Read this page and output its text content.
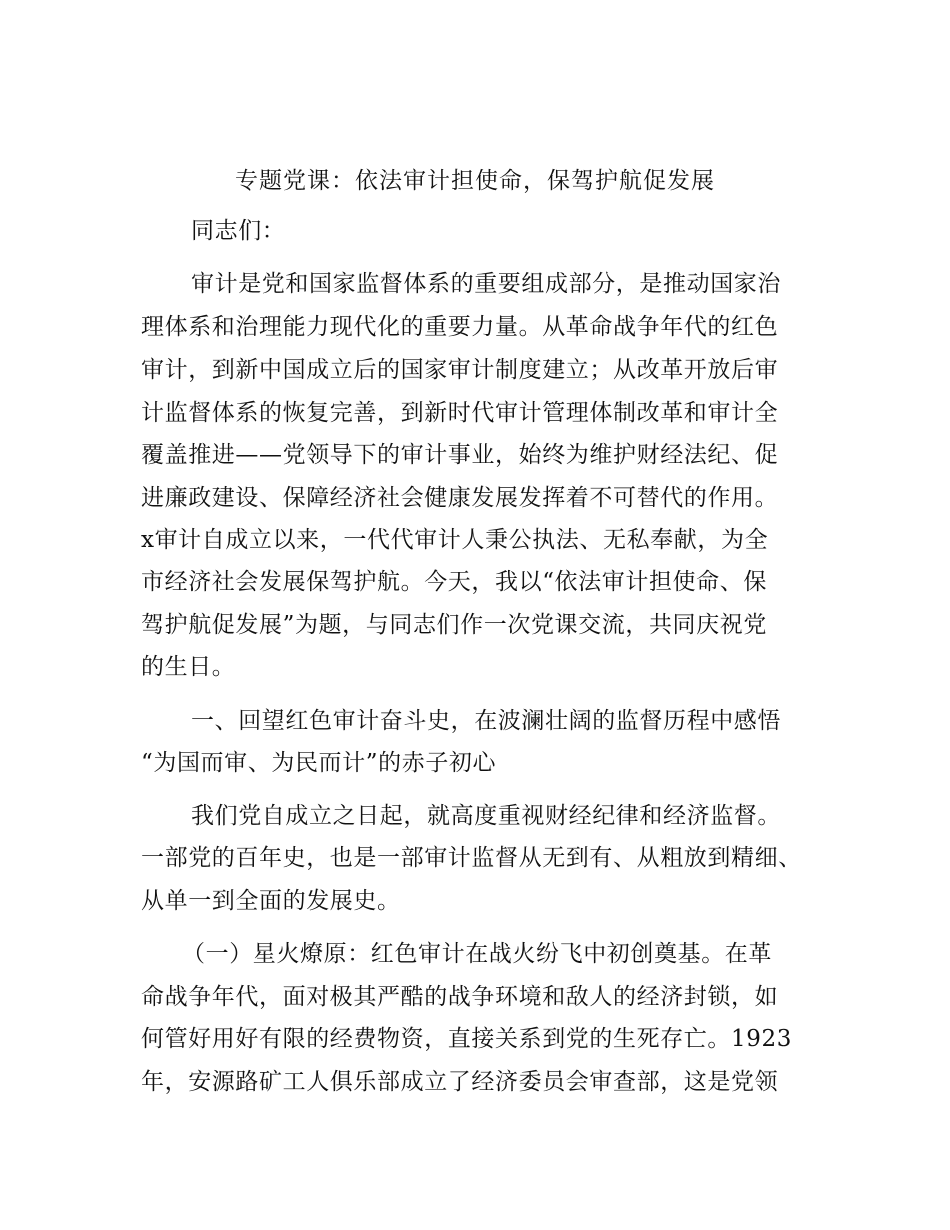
专题党课：依法审计担使命，保驾护航促发展
同志们：
审计是党和国家监督体系的重要组成部分，是推动国家治
理体系和治理能力现代化的重要力量。从革命战争年代的红色
审计，到新中国成立后的国家审计制度建立；从改革开放后审
计监督体系的恢复完善，到新时代审计管理体制改革和审计全
覆盖推进——党领导下的审计事业，始终为维护财经法纪、促
进廉政建设、保障经济社会健康发展发挥着不可替代的作用。
x审计自成立以来，一代代审计人秉公执法、无私奉献，为全
市经济社会发展保驾护航。今天，我以“依法审计担使命、保
驾护航促发展”为题，与同志们作一次党课交流，共同庆祝党
的生日。
一、回望红色审计奋斗史，在波澜壮阔的监督历程中感悟
“为国而审、为民而计”的赤子初心
我们党自成立之日起，就高度重视财经纪律和经济监督。
一部党的百年史，也是一部审计监督从无到有、从粗放到精细、
从单一到全面的发展史。
（一）星火燎原：红色审计在战火纷飞中初创奠基。在革
命战争年代，面对极其严酷的战争环境和敌人的经济封锁，如
何管好用好有限的经费物资，直接关系到党的生死存亡。1923
年，安源路矿工人俱乐部成立了经济委员会审查部，这是党领
